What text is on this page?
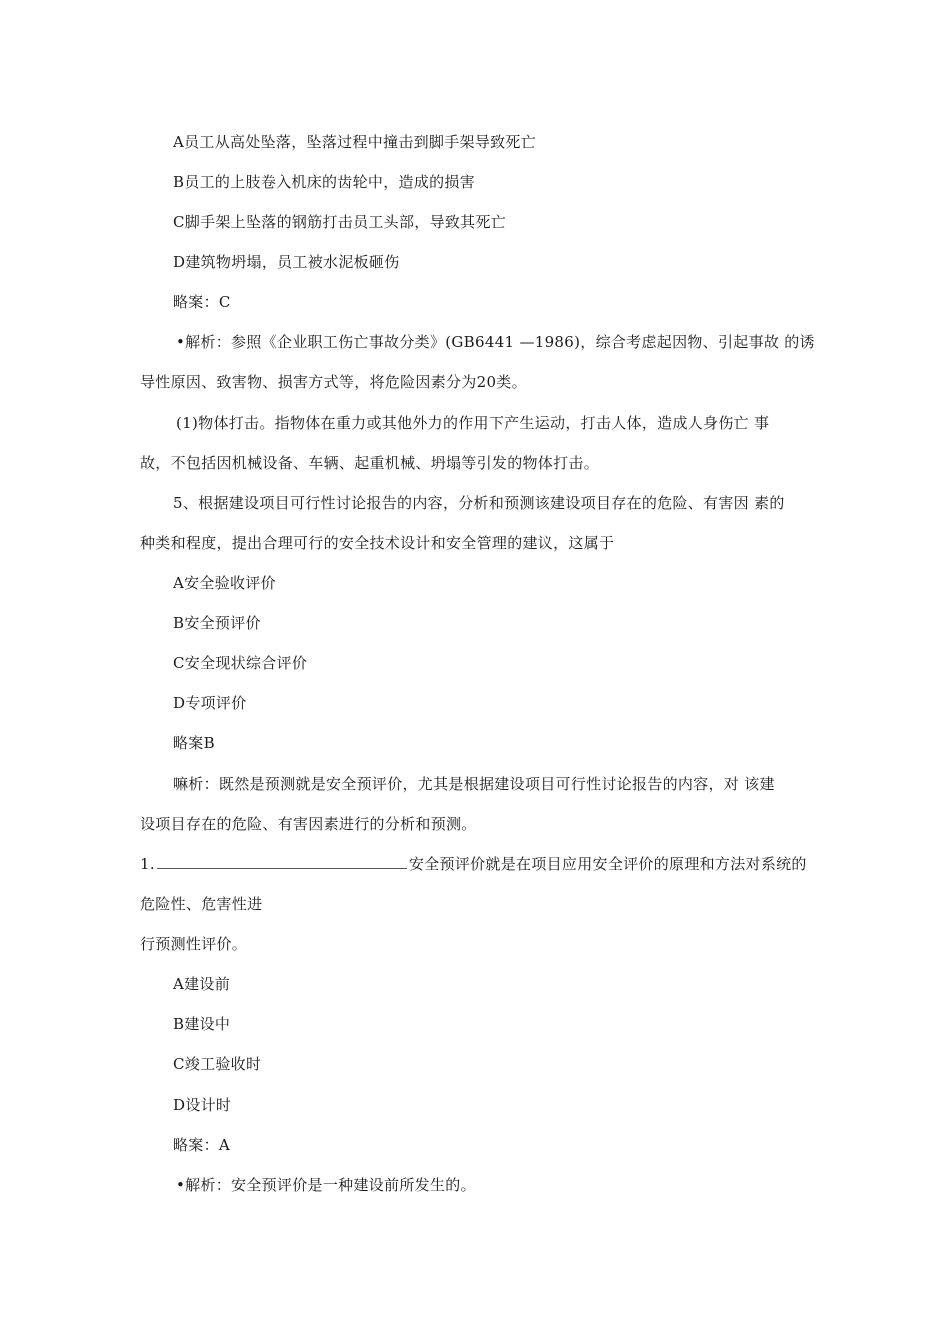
A员工从高处坠落，坠落过程中撞击到脚手架导致死亡

B员工的上肢卷入机床的齿轮中，造成的损害

C脚手架上坠落的钢筋打击员工头部，导致其死亡

D建筑物坍塌，员工被水泥板砸伤

略案：C

•解析：参照《企业职工伤亡事故分类》(GB6441 —1986)，综合考虑起因物、引起事故 的诱

导性原因、致害物、损害方式等，将危险因素分为20类。

(1)物体打击。指物体在重力或其他外力的作用下产生运动，打击人体，造成人身伤亡 事

故，不包括因机械设备、车辆、起重机械、坍塌等引发的物体打击。

5、根据建设项目可行性讨论报告的内容，分析和预测该建设项目存在的危险、有害因 素的

种类和程度，提出合理可行的安全技术设计和安全管理的建议，这属于

A安全验收评价

B安全预评价

C安全现状综合评价

D专项评价

略案B

嘛析：既然是预测就是安全预评价，尤其是根据建设项目可行性讨论报告的内容，对 该建

设项目存在的危险、有害因素进行的分析和预测。

1.	安全预评价就是在项目应用安全评价的原理和方法对系统的

危险性、危害性进

行预测性评价。

A建设前

B建设中

C竣工验收时

D设计时

略案：A

•解析：安全预评价是一种建设前所发生的。
